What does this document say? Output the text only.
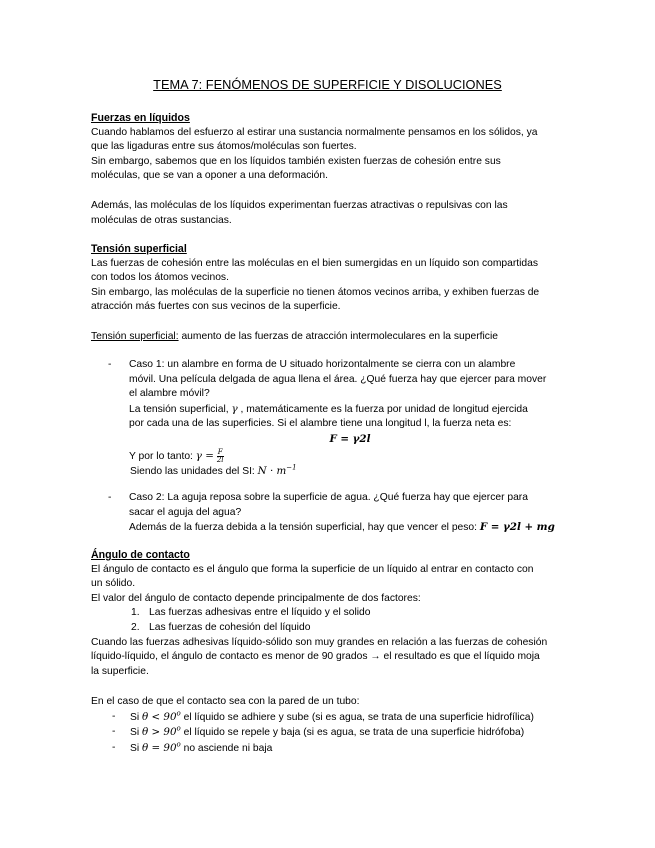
TEMA 7: FENÓMENOS DE SUPERFICIE Y DISOLUCIONES

Fuerzas en líquidos

Cuando hablamos del esfuerzo al estirar una sustancia normalmente pensamos en los sólidos, ya

que las ligaduras entre sus átomos/moléculas son fuertes.

Sin embargo, sabemos que en los líquidos también existen fuerzas de cohesión entre sus

moléculas, que se van a oponer a una deformación.

Además, las moléculas de los líquidos experimentan fuerzas atractivas o repulsivas con las

moléculas de otras sustancias.

Tensión superficial

Las fuerzas de cohesión entre las moléculas en el bien sumergidas en un líquido son compartidas

con todos los átomos vecinos.

Sin embargo, las moléculas de la superficie no tienen átomos vecinos arriba, y exhiben fuerzas de

atracción más fuertes con sus vecinos de la superficie.

Tensión superficial: aumento de las fuerzas de atracción intermoleculares en la superficie

- Caso 1: un alambre en forma de U situado horizontalmente se cierra con un alambre

móvil. Una película delgada de agua llena el área. ¿Qué fuerza hay que ejercer para mover

el alambre móvil?

La tensión superficial, γ , matemáticamente es la fuerza por unidad de longitud ejercida

por cada una de las superficies. Si el alambre tiene una longitud l, la fuerza neta es:

F = γ2l

Y por lo tanto: $\gamma = \frac{F}{2l}$

Siendo las unidades del SI: $N \cdot m^{-1}$

- Caso 2: La aguja reposa sobre la superficie de agua. ¿Qué fuerza hay que ejercer para

sacar el aguja del agua?

Además de la fuerza debida a la tensión superficial, hay que vencer el peso: F = γ2l + mg

Ángulo de contacto

El ángulo de contacto es el ángulo que forma la superficie de un líquido al entrar en contacto con

un sólido.

El valor del ángulo de contacto depende principalmente de dos factores:

1. Las fuerzas adhesivas entre el líquido y el solido

2. Las fuerzas de cohesión del líquido

Cuando las fuerzas adhesivas líquido-sólido son muy grandes en relación a las fuerzas de cohesión

líquido-líquido, el ángulo de contacto es menor de 90 grados → el resultado es que el líquido moja

la superficie.

En el caso de que el contacto sea con la pared de un tubo:

- Si $\theta < 90^o$ el líquido se adhiere y sube (si es agua, se trata de una superficie hidrofílica)

- Si $\theta > 90^o$ el líquido se repele y baja (si es agua, se trata de una superficie hidrófoba)

- Si $\theta = 90^o$ no asciende ni baja
